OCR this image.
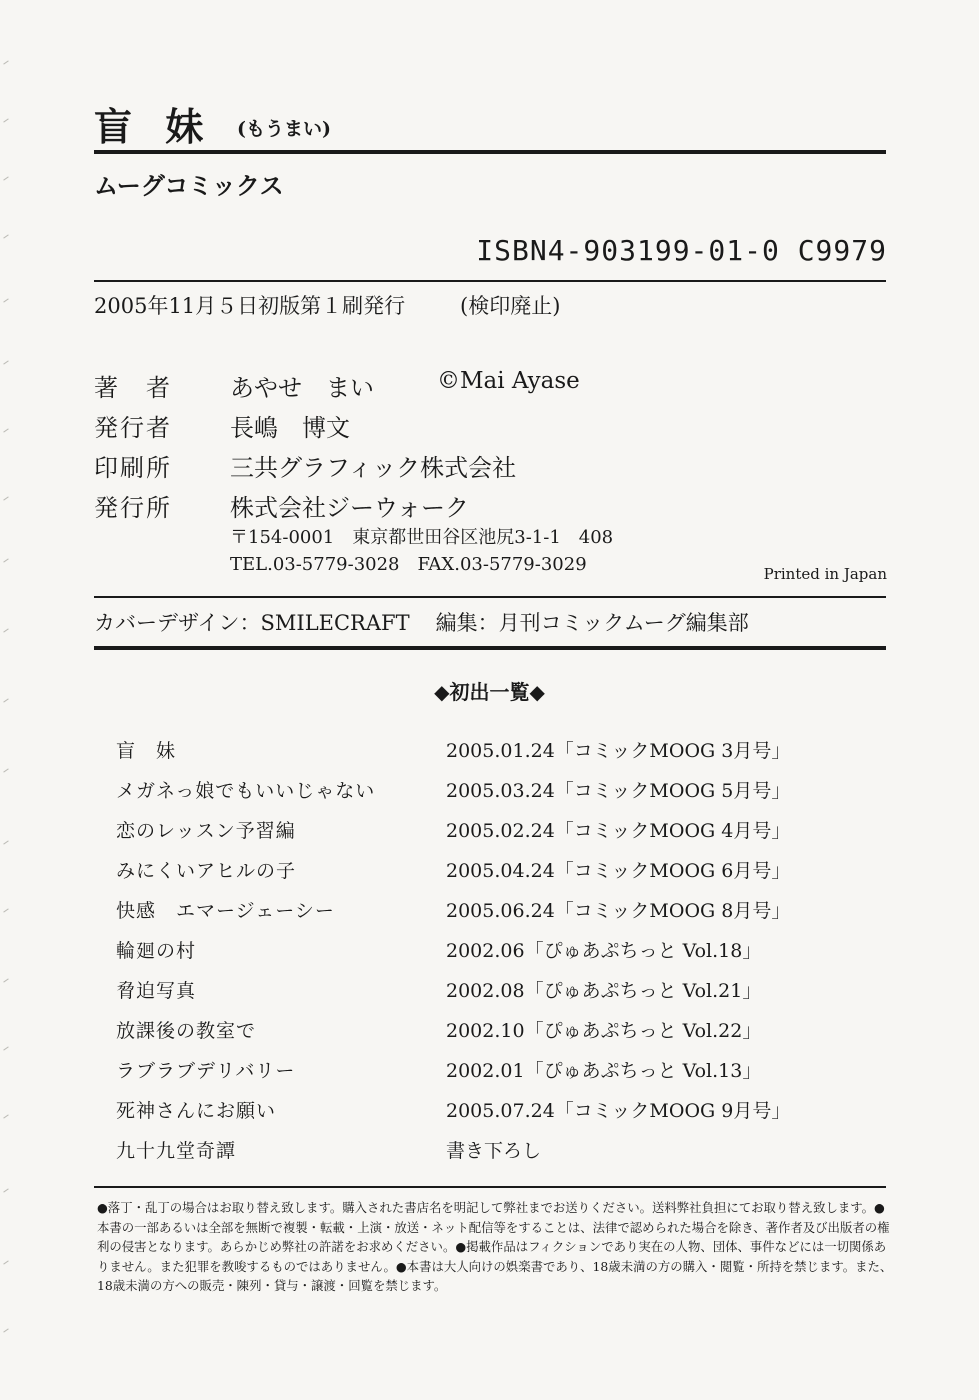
盲 妹 (もうまい)
ムーグコミックス
ISBN4-903199-01-0 C9979
2005年11月５日初版第１刷発行	(検印廃止)
著　者 あやせ　まい	©Mai Ayase
発行者 長嶋　博文
印刷所 三共グラフィック株式会社
発行所 株式会社ジーウォーク
〒154-0001　東京都世田谷区池尻3-1-1　408
TEL.03-5779-3028　FAX.03-5779-3029	Printed in Japan
カバーデザイン：SMILECRAFT 編集：月刊コミックムーグ編集部
◆初出一覧◆
盲　妹	2005.01.24「コミックMOOG 3月号」
メガネっ娘でもいいじゃない	2005.03.24「コミックMOOG 5月号」
恋のレッスン予習編	2005.02.24「コミックMOOG 4月号」
みにくいアヒルの子	2005.04.24「コミックMOOG 6月号」
快感　エマージェーシー	2005.06.24「コミックMOOG 8月号」
輪廻の村	2002.06「ぴゅあぷちっと Vol.18」
脅迫写真	2002.08「ぴゅあぷちっと Vol.21」
放課後の教室で	2002.10「ぴゅあぷちっと Vol.22」
ラブラブデリバリー	2002.01「ぴゅあぷちっと Vol.13」
死神さんにお願い	2005.07.24「コミックMOOG 9月号」
九十九堂奇譚	書き下ろし
●落丁・乱丁の場合はお取り替え致します。購入された書店名を明記して弊社までお送りください。送料弊社負担にてお取り替え致します。●本書の一部あるいは全部を無断で複製・転載・上演・放送・ネット配信等をすることは、法律で認められた場合を除き、著作者及び出版者の権利の侵害となります。あらかじめ弊社の許諾をお求めください。●掲載作品はフィクションであり実在の人物、団体、事件などには一切関係ありません。また犯罪を教唆するものではありません。●本書は大人向けの娯楽書であり、18歳未満の方の購入・閲覧・所持を禁じます。また、18歳未満の方への販売・陳列・貸与・譲渡・回覧を禁じます。
